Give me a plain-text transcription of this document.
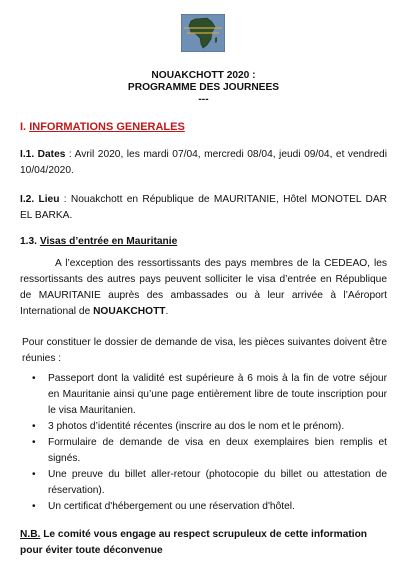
NOUAKCHOTT 2020 :
PROGRAMME DES JOURNEES
---
I. INFORMATIONS GENERALES
I.1. Dates : Avril 2020, les mardi 07/04, mercredi 08/04, jeudi 09/04, et vendredi 10/04/2020.
I.2. Lieu : Nouakchott en République de MAURITANIE, Hôtel MONOTEL DAR EL BARKA.
1.3. Visas d’entrée en Mauritanie
A l’exception des ressortissants des pays membres de la CEDEAO, les ressortissants des autres pays peuvent solliciter le visa d’entrée en République de MAURITANIE auprès des ambassades ou à leur arrivée à l’Aéroport International de NOUAKCHOTT.
Pour constituer le dossier de demande de visa, les pièces suivantes doivent être réunies :
• Passeport dont la validité est supérieure à 6 mois à la fin de votre séjour en Mauritanie ainsi qu’une page entièrement libre de toute inscription pour le visa Mauritanien.
• 3 photos d’identité récentes (inscrire au dos le nom et le prénom).
• Formulaire de demande de visa en deux exemplaires bien remplis et signés.
• Une preuve du billet aller-retour (photocopie du billet ou attestation de réservation).
• Un certificat d'hébergement ou une réservation d'hôtel.
N.B. Le comité vous engage au respect scrupuleux de cette information pour éviter toute déconvenue
